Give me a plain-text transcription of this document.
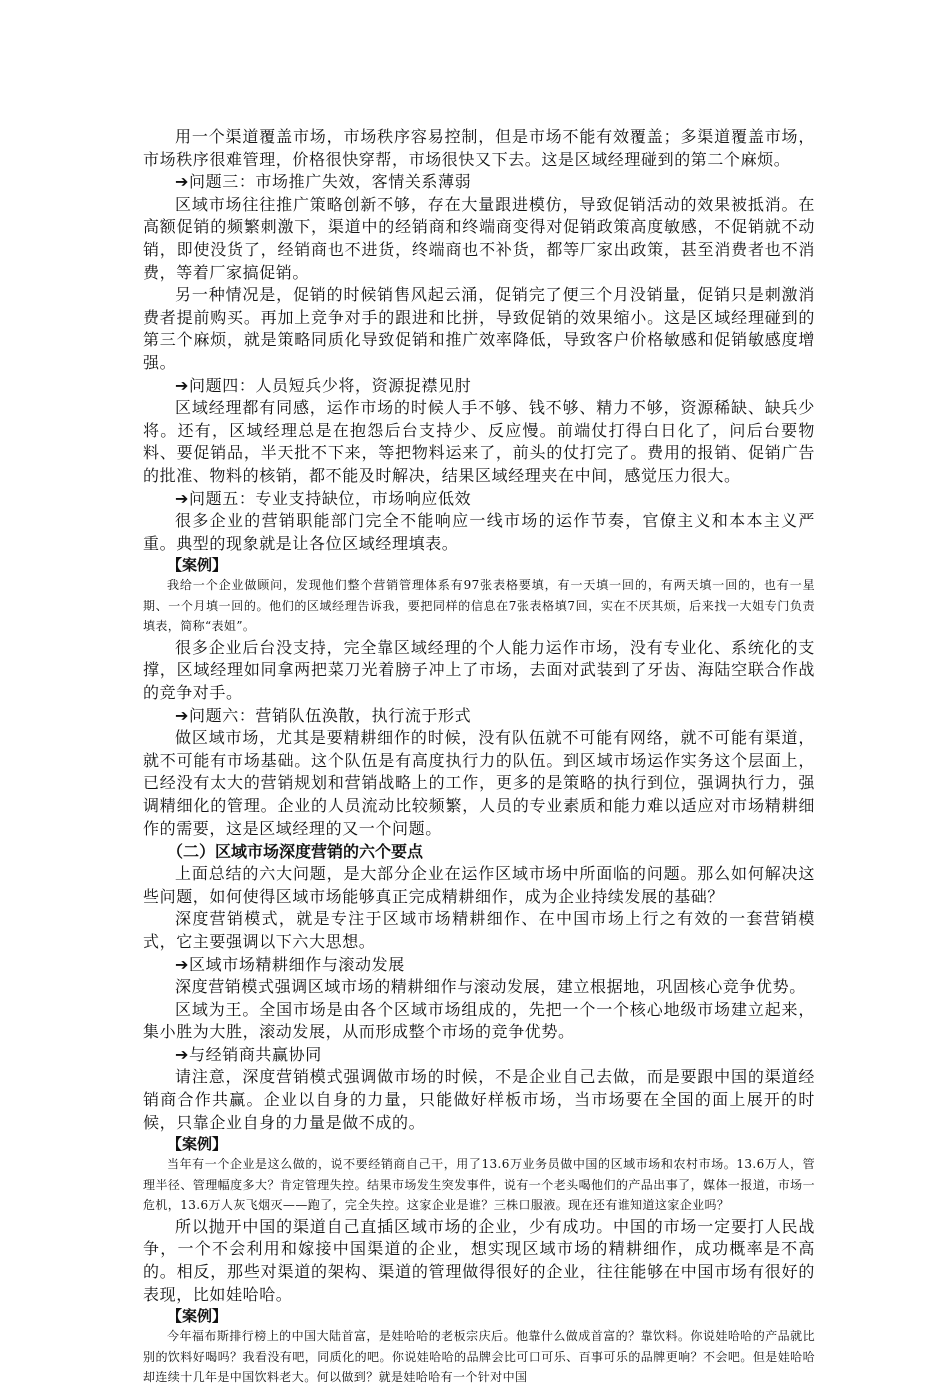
用一个渠道覆盖市场，市场秩序容易控制，但是市场不能有效覆盖；多渠道覆盖市场，市场秩序很难管理，价格很快穿帮，市场很快又下去。这是区域经理碰到的第二个麻烦。

➔问题三：市场推广失效，客情关系薄弱

区域市场往往推广策略创新不够，存在大量跟进模仿，导致促销活动的效果被抵消。在高额促销的频繁刺激下，渠道中的经销商和终端商变得对促销政策高度敏感，不促销就不动销，即使没货了，经销商也不进货，终端商也不补货，都等厂家出政策，甚至消费者也不消费，等着厂家搞促销。

另一种情况是，促销的时候销售风起云涌，促销完了便三个月没销量，促销只是刺激消费者提前购买。再加上竞争对手的跟进和比拼，导致促销的效果缩小。这是区域经理碰到的第三个麻烦，就是策略同质化导致促销和推广效率降低，导致客户价格敏感和促销敏感度增强。

➔问题四：人员短兵少将，资源捉襟见肘

区域经理都有同感，运作市场的时候人手不够、钱不够、精力不够，资源稀缺、缺兵少将。还有，区域经理总是在抱怨后台支持少、反应慢。前端仗打得白日化了，问后台要物料、要促销品，半天批不下来，等把物料运来了，前头的仗打完了。费用的报销、促销广告的批准、物料的核销，都不能及时解决，结果区域经理夹在中间，感觉压力很大。

➔问题五：专业支持缺位，市场响应低效

很多企业的营销职能部门完全不能响应一线市场的运作节奏，官僚主义和本本主义严重。典型的现象就是让各位区域经理填表。

【案例】

我给一个企业做顾问，发现他们整个营销管理体系有97张表格要填，有一天填一回的，有两天填一回的，也有一星期、一个月填一回的。他们的区域经理告诉我，要把同样的信息在7张表格填7回，实在不厌其烦，后来找一大姐专门负责填表，简称“表姐”。

很多企业后台没支持，完全靠区域经理的个人能力运作市场，没有专业化、系统化的支撑，区域经理如同拿两把菜刀光着膀子冲上了市场，去面对武装到了牙齿、海陆空联合作战的竞争对手。

➔问题六：营销队伍涣散，执行流于形式

做区域市场，尤其是要精耕细作的时候，没有队伍就不可能有网络，就不可能有渠道，就不可能有市场基础。这个队伍是有高度执行力的队伍。到区域市场运作实务这个层面上，已经没有太大的营销规划和营销战略上的工作，更多的是策略的执行到位，强调执行力，强调精细化的管理。企业的人员流动比较频繁，人员的专业素质和能力难以适应对市场精耕细作的需要，这是区域经理的又一个问题。

（二）区域市场深度营销的六个要点

上面总结的六大问题，是大部分企业在运作区域市场中所面临的问题。那么如何解决这些问题，如何使得区域市场能够真正完成精耕细作，成为企业持续发展的基础？

深度营销模式，就是专注于区域市场精耕细作、在中国市场上行之有效的一套营销模式，它主要强调以下六大思想。

➔区域市场精耕细作与滚动发展

深度营销模式强调区域市场的精耕细作与滚动发展，建立根据地，巩固核心竞争优势。

区域为王。全国市场是由各个区域市场组成的，先把一个一个核心地级市场建立起来，集小胜为大胜，滚动发展，从而形成整个市场的竞争优势。

➔与经销商共赢协同

请注意，深度营销模式强调做市场的时候，不是企业自己去做，而是要跟中国的渠道经销商合作共赢。企业以自身的力量，只能做好样板市场，当市场要在全国的面上展开的时候，只靠企业自身的力量是做不成的。

【案例】

当年有一个企业是这么做的，说不要经销商自己干，用了13.6万业务员做中国的区域市场和农村市场。13.6万人，管理半径、管理幅度多大？肯定管理失控。结果市场发生突发事件，说有一个老头喝他们的产品出事了，媒体一报道，市场一危机，13.6万人灰飞烟灭——跑了，完全失控。这家企业是谁？三株口服液。现在还有谁知道这家企业吗？

所以抛开中国的渠道自己直插区域市场的企业，少有成功。中国的市场一定要打人民战争，一个不会利用和嫁接中国渠道的企业，想实现区域市场的精耕细作，成功概率是不高的。相反，那些对渠道的架构、渠道的管理做得很好的企业，往往能够在中国市场有很好的表现，比如娃哈哈。

【案例】

今年福布斯排行榜上的中国大陆首富，是娃哈哈的老板宗庆后。他靠什么做成首富的？靠饮料。你说娃哈哈的产品就比别的饮料好喝吗？我看没有吧，同质化的吧。你说娃哈哈的品牌会比可口可乐、百事可乐的品牌更响？不会吧。但是娃哈哈却连续十几年是中国饮料老大。何以做到？就是娃哈哈有一个针对中国
